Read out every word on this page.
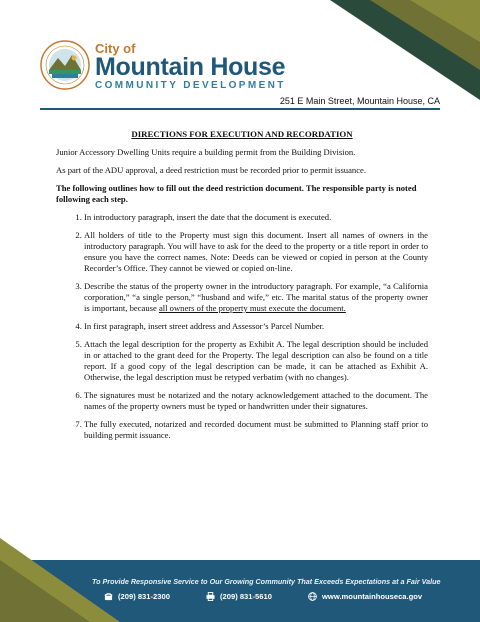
City of
Mountain House
COMMUNITY DEVELOPMENT
251 E Main Street, Mountain House, CA
DIRECTIONS FOR EXECUTION AND RECORDATION

Junior Accessory Dwelling Units require a building permit from the Building Division.

As part of the ADU approval, a deed restriction must be recorded prior to permit issuance.

The following outlines how to fill out the deed restriction document. The responsible party is noted following each step.

1. In introductory paragraph, insert the date that the document is executed.
2. All holders of title to the Property must sign this document. Insert all names of owners in the introductory paragraph. You will have to ask for the deed to the property or a title report in order to ensure you have the correct names. Note: Deeds can be viewed or copied in person at the County Recorder’s Office. They cannot be viewed or copied on-line.
3. Describe the status of the property owner in the introductory paragraph. For example, “a California corporation,” “a single person,” “husband and wife,” etc. The marital status of the property owner is important, because all owners of the property must execute the document.
4. In first paragraph, insert street address and Assessor’s Parcel Number.
5. Attach the legal description for the property as Exhibit A. The legal description should be included in or attached to the grant deed for the Property. The legal description can also be found on a title report. If a good copy of the legal description can be made, it can be attached as Exhibit A. Otherwise, the legal description must be retyped verbatim (with no changes).
6. The signatures must be notarized and the notary acknowledgement attached to the document. The names of the property owners must be typed or handwritten under their signatures.
7. The fully executed, notarized and recorded document must be submitted to Planning staff prior to building permit issuance.
To Provide Responsive Service to Our Growing Community That Exceeds Expectations at a Fair Value
(209) 831-2300	(209) 831-5610	www.mountainhouseca.gov
